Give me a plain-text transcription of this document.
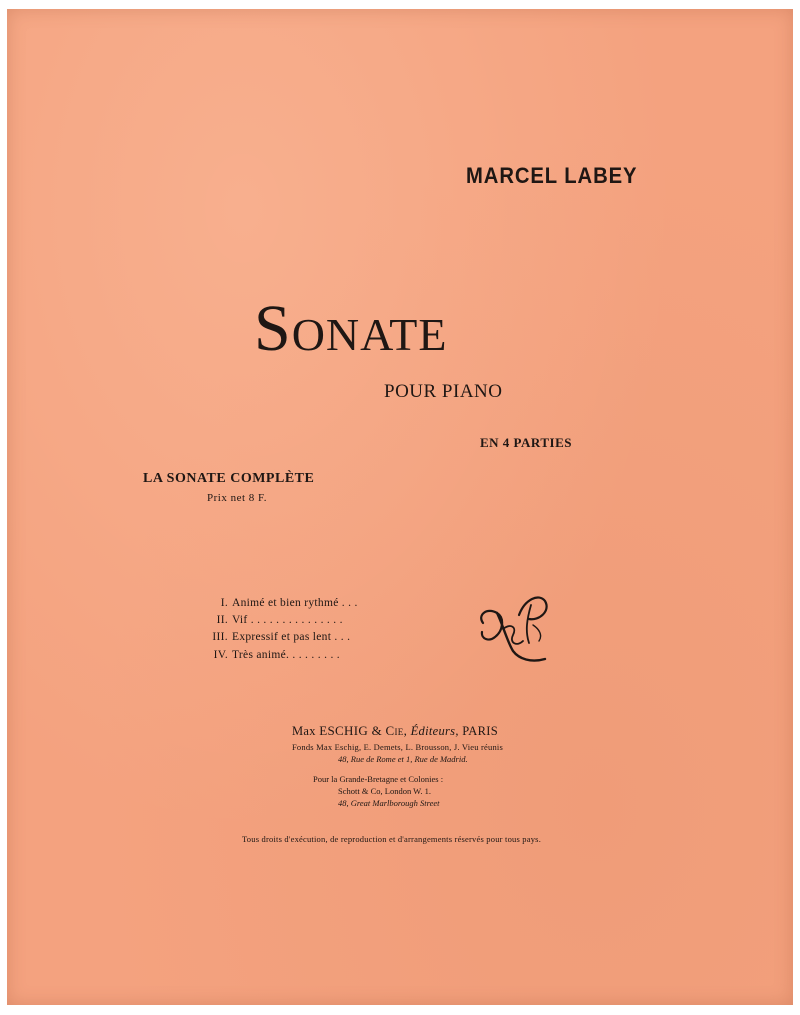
MARCEL LABEY
Sonate
POUR PIANO
EN 4 PARTIES
LA SONATE COMPLÈTE
Prix net 8 F.
I. Animé et bien rythmé . . .
II. Vif . . . . . . . . . . . . . . .
III. Expressif et pas lent . . .
IV. Très animé. . . . . . . . .
Max ESCHIG & Cie, Éditeurs, PARIS
Fonds Max Eschig, E. Demets, L. Brousson, J. Vieu réunis
48, Rue de Rome et 1, Rue de Madrid.
Pour la Grande-Bretagne et Colonies :
Schott & Co, London W. 1.
48, Great Marlborough Street
Tous droits d'exécution, de reproduction et d'arrangements réservés pour tous pays.
